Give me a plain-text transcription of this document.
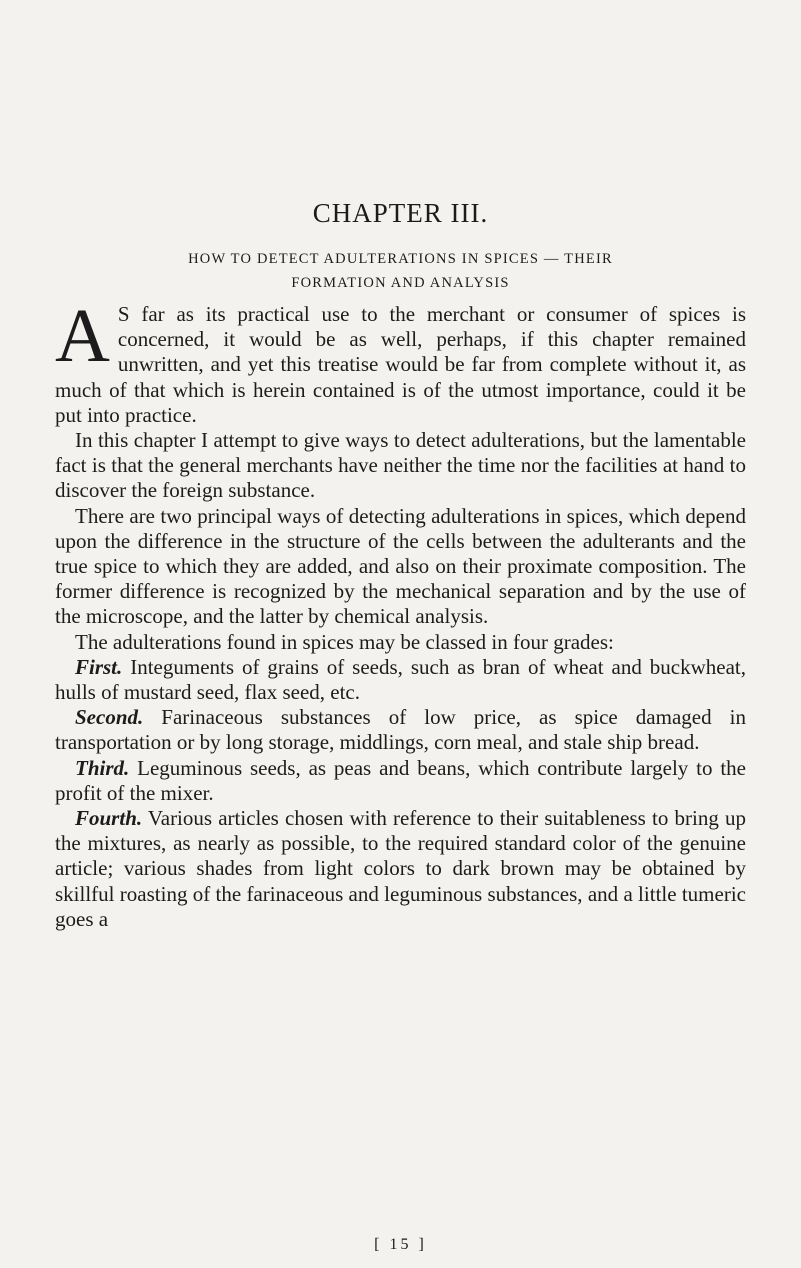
CHAPTER III.
HOW TO DETECT ADULTERATIONS IN SPICES — THEIR
FORMATION AND ANALYSIS

A S far as its practical use to the merchant or consumer of spices is concerned, it would be as well, perhaps, if this chapter remained unwritten, and yet this treatise would be far from complete without it, as much of that which is herein contained is of the utmost importance, could it be put into practice.

In this chapter I attempt to give ways to detect adulterations, but the lamentable fact is that the general merchants have neither the time nor the facilities at hand to discover the foreign substance.

There are two principal ways of detecting adulterations in spices, which depend upon the difference in the structure of the cells between the adulterants and the true spice to which they are added, and also on their proximate composition. The former difference is recognized by the mechanical separation and by the use of the microscope, and the latter by chemical analysis.

The adulterations found in spices may be classed in four grades:

First. Integuments of grains of seeds, such as bran of wheat and buckwheat, hulls of mustard seed, flax seed, etc.

Second. Farinaceous substances of low price, as spice damaged in transportation or by long storage, middlings, corn meal, and stale ship bread.

Third. Leguminous seeds, as peas and beans, which contribute largely to the profit of the mixer.

Fourth. Various articles chosen with reference to their suitableness to bring up the mixtures, as nearly as possible, to the required standard color of the genuine article; various shades from light colors to dark brown may be obtained by skillful roasting of the farinaceous and leguminous substances, and a little tumeric goes a

[ 15 ]
